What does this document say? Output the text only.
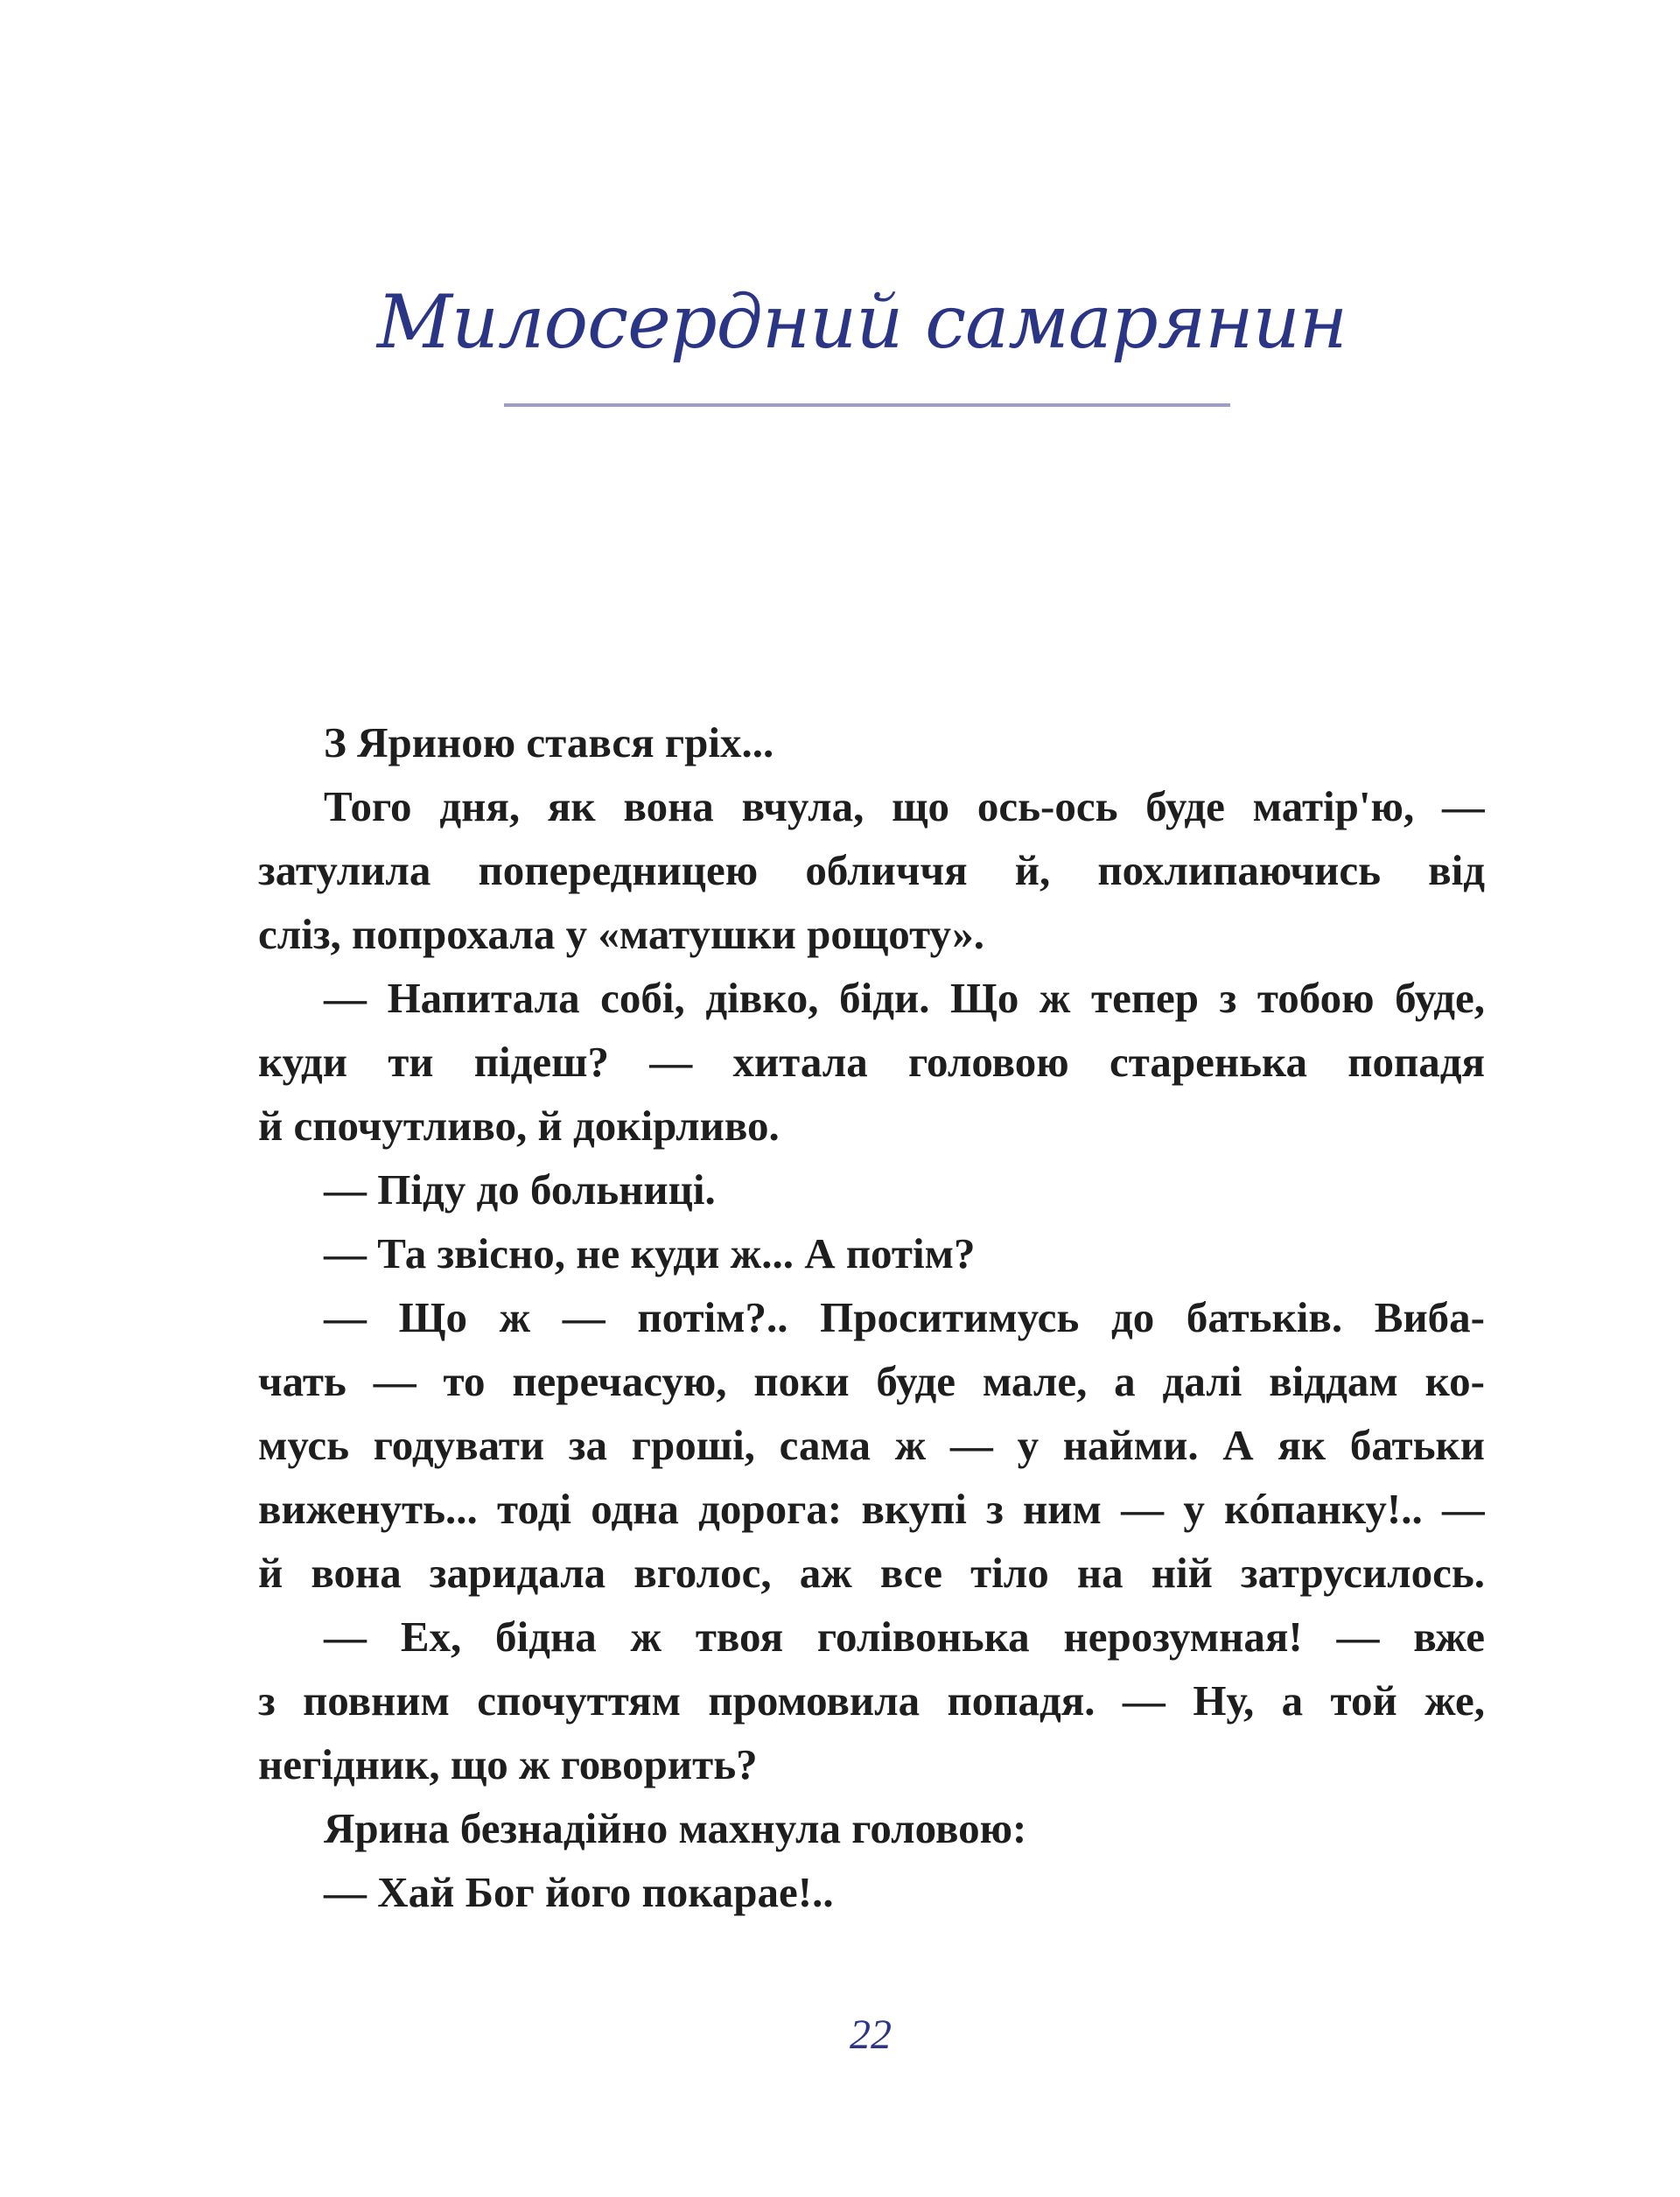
Милосердний самарянин
З Яриною стався гріх...
Того дня, як вона вчула, що ось-ось буде матір'ю, —
затулила попередницею обличчя й, похлипаючись від
сліз, попрохала у «матушки рощоту».
— Напитала собі, дівко, біди. Що ж тепер з тобою буде,
куди ти підеш? — хитала головою старенька попадя
й спочутливо, й докірливо.
— Піду до больниці.
— Та звісно, не куди ж... А потім?
— Що ж — потім?.. Проситимусь до батьків. Виба-
чать — то перечасую, поки буде мале, а далі віддам ко-
мусь годувати за гроші, сама ж — у найми. А як батьки
виженуть... тоді одна дорога: вкупі з ним — у кóпанку!.. —
й вона заридала вголос, аж все тіло на ній затрусилось.
— Ех, бідна ж твоя голівонька нерозумная! — вже
з повним спочуттям промовила попадя. — Ну, а той же,
негідник, що ж говорить?
Ярина безнадійно махнула головою:
— Хай Бог його покарае!..
22
